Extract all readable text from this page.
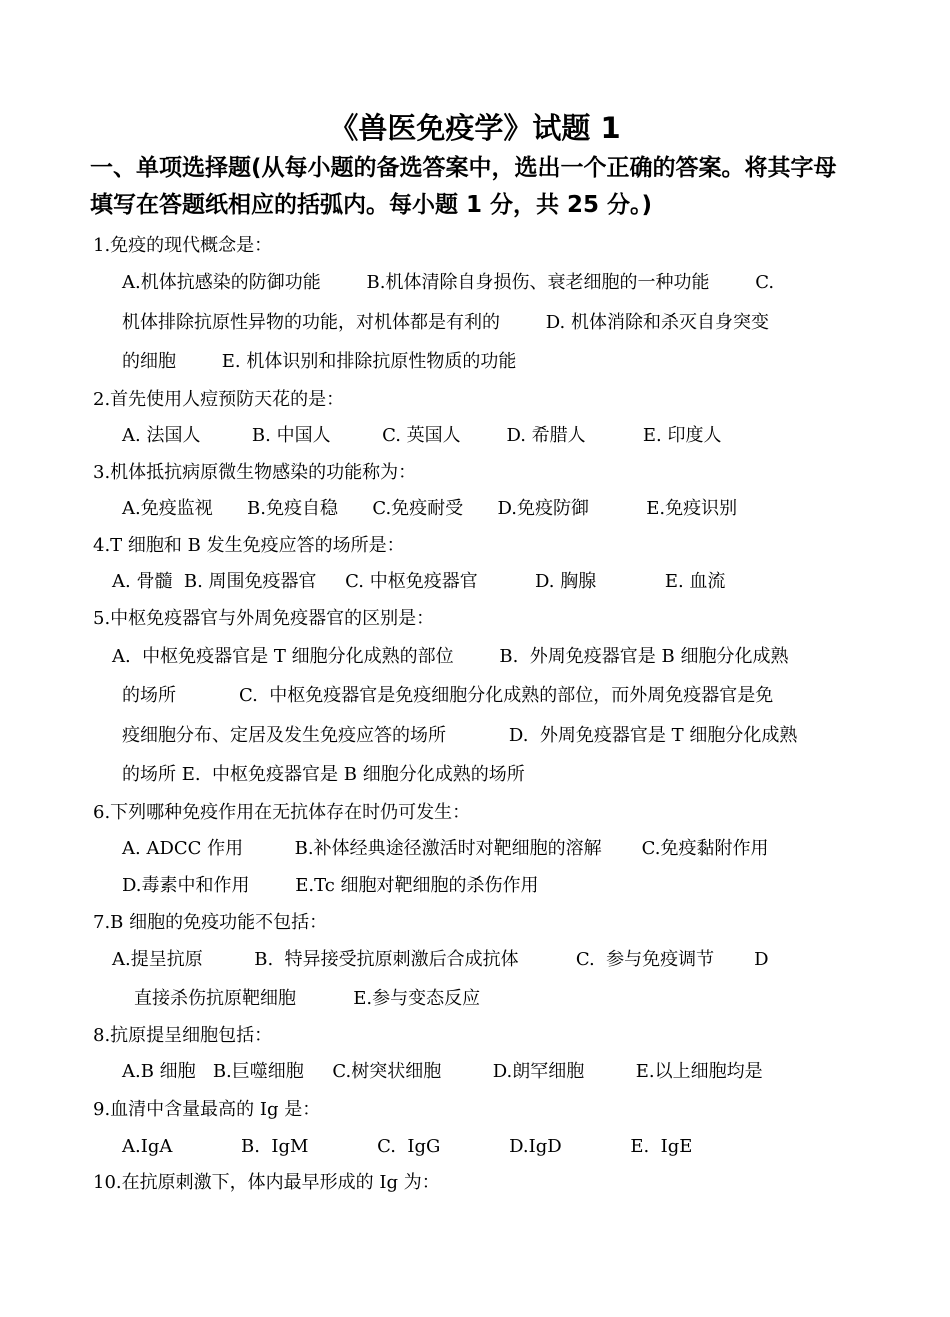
《兽医免疫学》试题 1
一、单项选择题(从每小题的备选答案中，选出一个正确的答案。将其字母
填写在答题纸相应的括弧内。每小题 1 分，共 25 分。)
1.免疫的现代概念是：
A.机体抗感染的防御功能        B.机体清除自身损伤、衰老细胞的一种功能        C.
机体排除抗原性异物的功能，对机体都是有利的        D. 机体消除和杀灭自身突变
的细胞        E. 机体识别和排除抗原性物质的功能
2.首先使用人痘预防天花的是：
A. 法国人         B. 中国人         C. 英国人        D. 希腊人          E. 印度人
3.机体抵抗病原微生物感染的功能称为：
A.免疫监视      B.免疫自稳      C.免疫耐受      D.免疫防御          E.免疫识别
4.T 细胞和 B 发生免疫应答的场所是：
A. 骨髓  B. 周围免疫器官     C. 中枢免疫器官          D. 胸腺            E. 血流
5.中枢免疫器官与外周免疫器官的区别是：
A.  中枢免疫器官是 T 细胞分化成熟的部位        B.  外周免疫器官是 B 细胞分化成熟
的场所           C.  中枢免疫器官是免疫细胞分化成熟的部位，而外周免疫器官是免
疫细胞分布、定居及发生免疫应答的场所           D.  外周免疫器官是 T 细胞分化成熟
的场所 E.  中枢免疫器官是 B 细胞分化成熟的场所
6.下列哪种免疫作用在无抗体存在时仍可发生：
A. ADCC 作用         B.补体经典途径激活时对靶细胞的溶解       C.免疫黏附作用
D.毒素中和作用        E.Tc 细胞对靶细胞的杀伤作用
7.B 细胞的免疫功能不包括：
A.提呈抗原         B.  特异接受抗原刺激后合成抗体          C.  参与免疫调节       D
直接杀伤抗原靶细胞          E.参与变态反应
8.抗原提呈细胞包括：
A.B 细胞   B.巨噬细胞     C.树突状细胞         D.朗罕细胞         E.以上细胞均是
9.血清中含量最高的 Ig 是：
A.IgA            B.  IgM            C.  IgG            D.IgD            E.  IgE
10.在抗原刺激下，体内最早形成的 Ig 为：
